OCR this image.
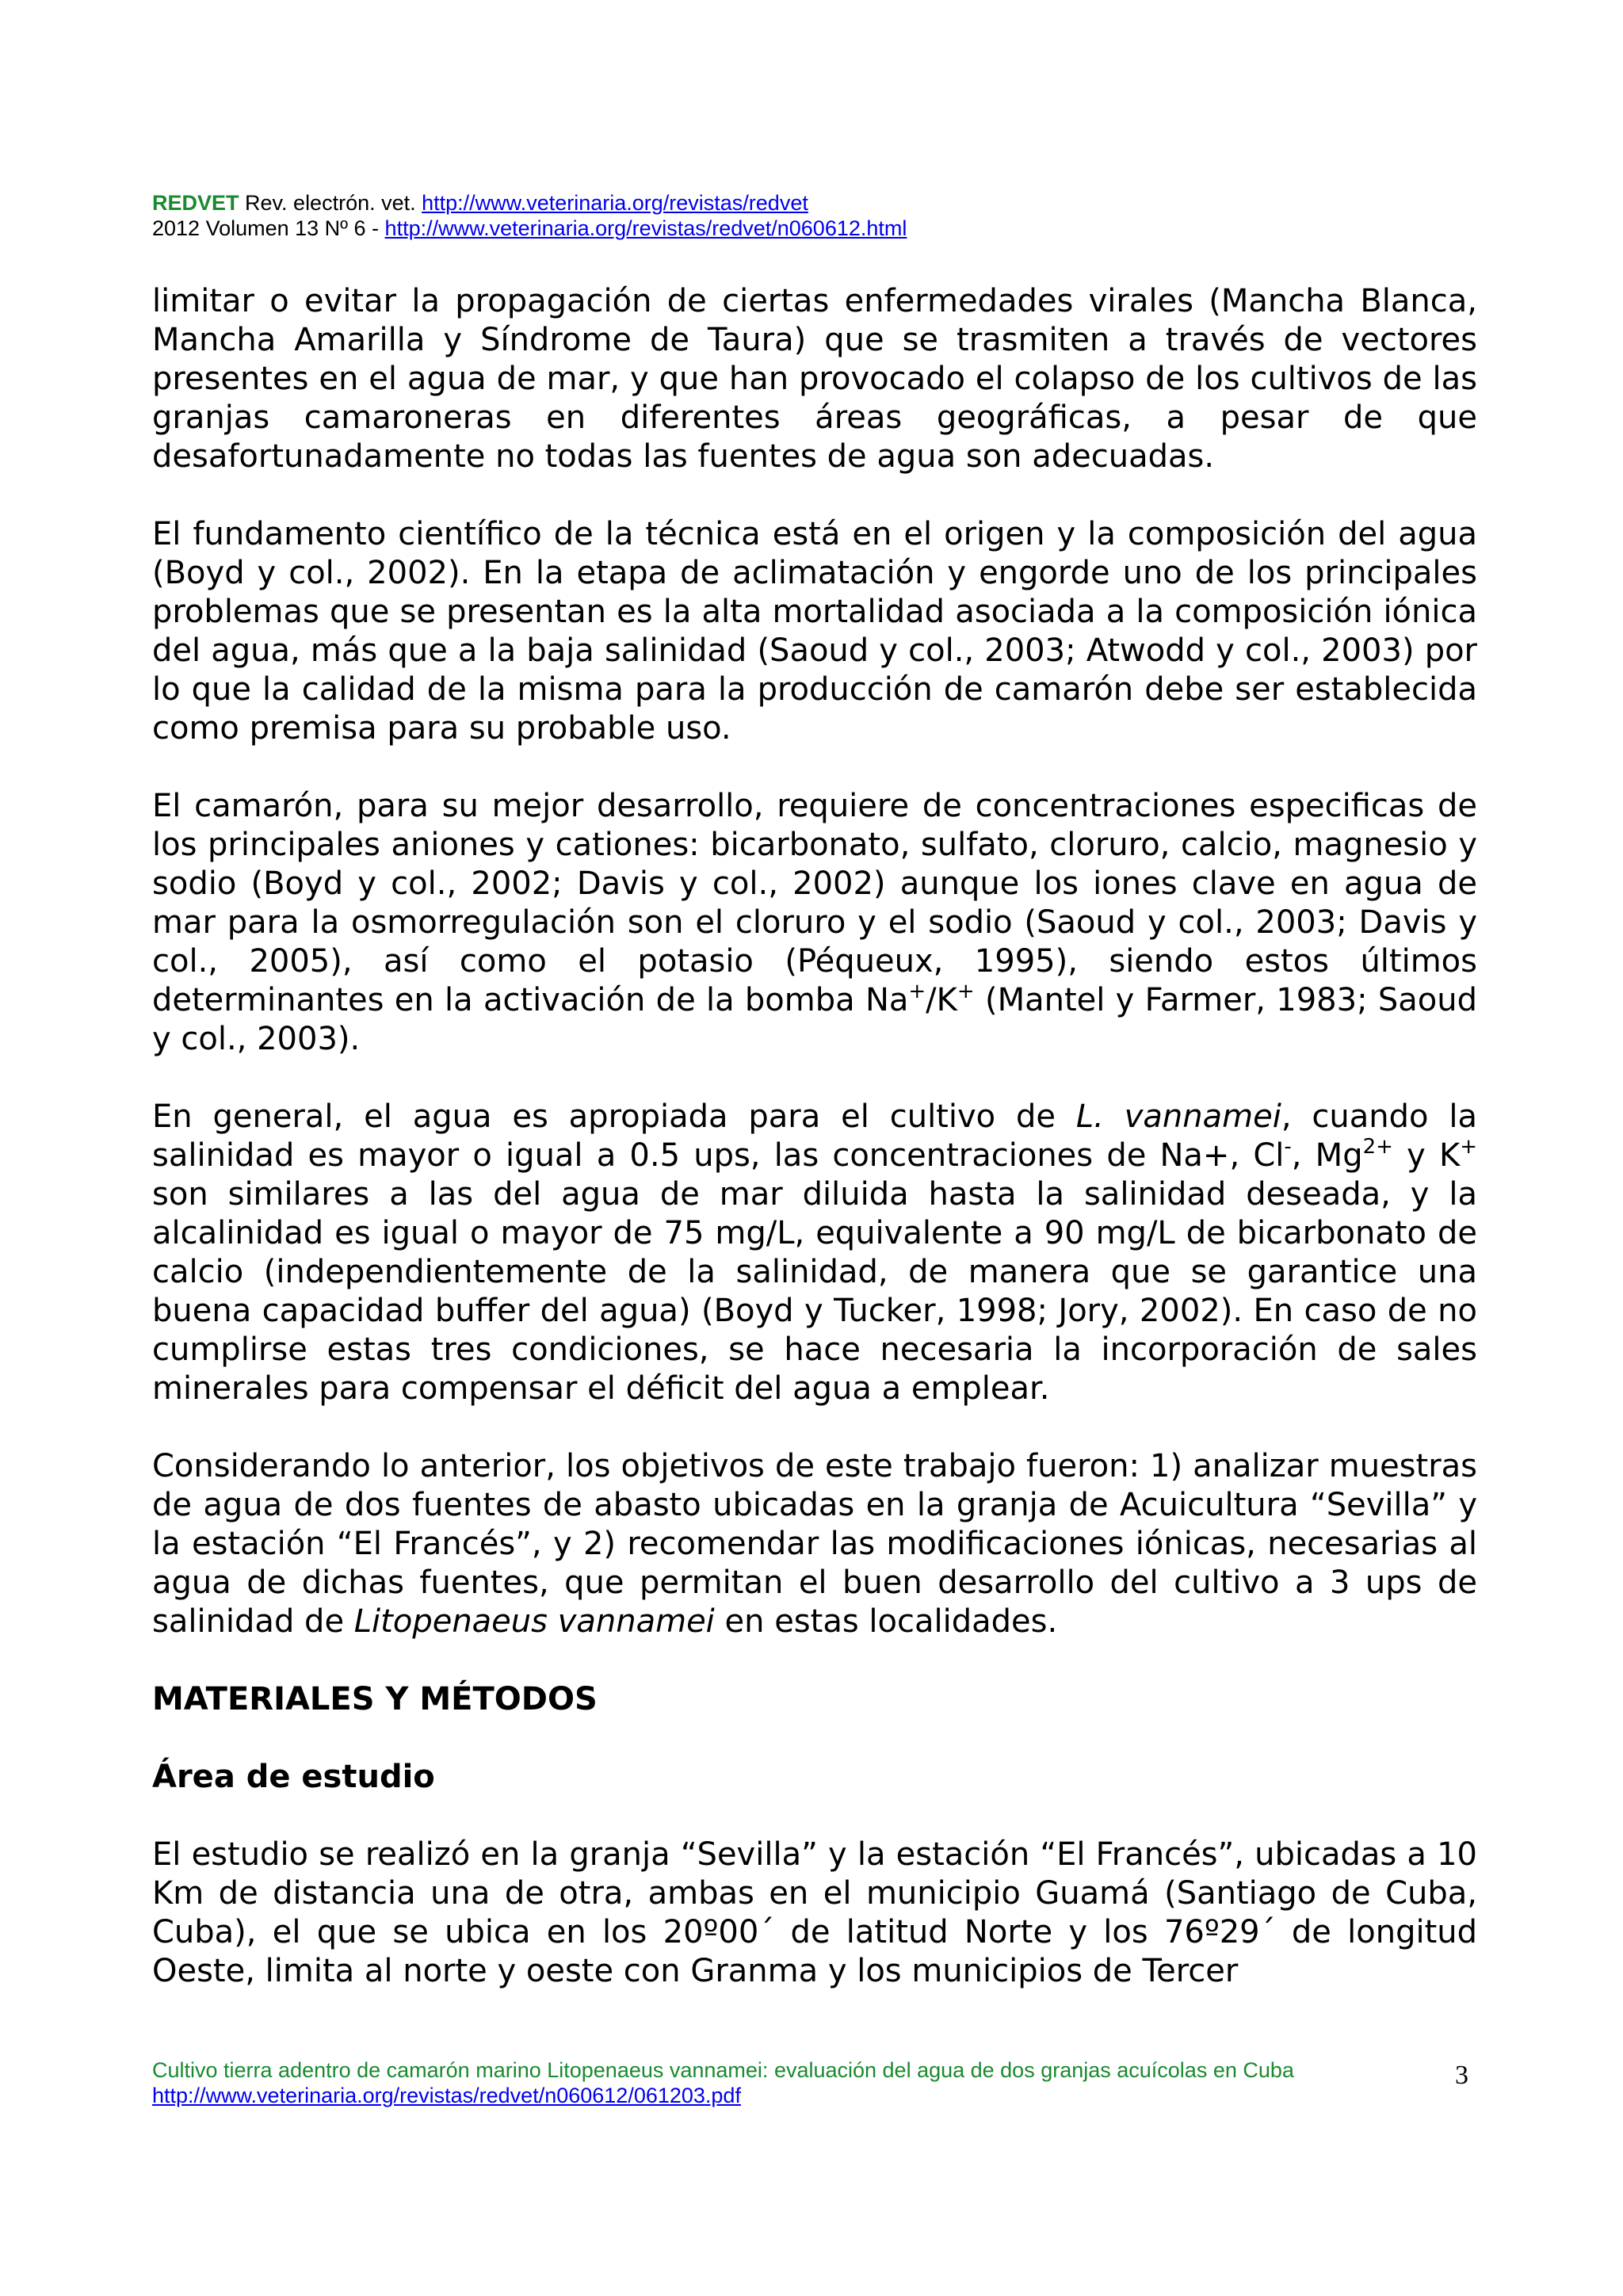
REDVET Rev. electrón. vet. http://www.veterinaria.org/revistas/redvet
2012 Volumen 13 Nº 6 - http://www.veterinaria.org/revistas/redvet/n060612.html

limitar o evitar la propagación de ciertas enfermedades virales (Mancha Blanca, Mancha Amarilla y Síndrome de Taura) que se trasmiten a través de vectores presentes en el agua de mar, y que han provocado el colapso de los cultivos de las granjas camaroneras en diferentes áreas geográficas, a pesar de que desafortunadamente no todas las fuentes de agua son adecuadas.

El fundamento científico de la técnica está en el origen y la composición del agua (Boyd y col., 2002). En la etapa de aclimatación y engorde uno de los principales problemas que se presentan es la alta mortalidad asociada a la composición iónica del agua, más que a la baja salinidad (Saoud y col., 2003; Atwodd y col., 2003) por lo que la calidad de la misma para la producción de camarón debe ser establecida como premisa para su probable uso.

El camarón, para su mejor desarrollo, requiere de concentraciones especificas de los principales aniones y cationes: bicarbonato, sulfato, cloruro, calcio, magnesio y sodio (Boyd y col., 2002; Davis y col., 2002) aunque los iones clave en agua de mar para la osmorregulación son el cloruro y el sodio (Saoud y col., 2003; Davis y col., 2005), así como el potasio (Péqueux, 1995), siendo estos últimos determinantes en la activación de la bomba Na+/K+ (Mantel y Farmer, 1983; Saoud y col., 2003).

En general, el agua es apropiada para el cultivo de L. vannamei, cuando la salinidad es mayor o igual a 0.5 ups, las concentraciones de Na+, Cl-, $Mg^{2+}$ y K+ son similares a las del agua de mar diluida hasta la salinidad deseada, y la alcalinidad es igual o mayor de 75 mg/L, equivalente a 90 mg/L de bicarbonato de calcio (independientemente de la salinidad, de manera que se garantice una buena capacidad buffer del agua) (Boyd y Tucker, 1998; Jory, 2002). En caso de no cumplirse estas tres condiciones, se hace necesaria la incorporación de sales minerales para compensar el déficit del agua a emplear.

Considerando lo anterior, los objetivos de este trabajo fueron: 1) analizar muestras de agua de dos fuentes de abasto ubicadas en la granja de Acuicultura “Sevilla” y la estación “El Francés”, y 2) recomendar las modificaciones iónicas, necesarias al agua de dichas fuentes, que permitan el buen desarrollo del cultivo a 3 ups de salinidad de Litopenaeus vannamei en estas localidades.

MATERIALES Y MÉTODOS
Área de estudio

El estudio se realizó en la granja “Sevilla” y la estación “El Francés”, ubicadas a 10 Km de distancia una de otra, ambas en el municipio Guamá (Santiago de Cuba, Cuba), el que se ubica en los 20º00´ de latitud Norte y los 76º29´ de longitud Oeste, limita al norte y oeste con Granma y los municipios de Tercer

Cultivo tierra adentro de camarón marino Litopenaeus vannamei: evaluación del agua de dos granjas acuícolas en Cuba
http://www.veterinaria.org/revistas/redvet/n060612/061203.pdf
3
